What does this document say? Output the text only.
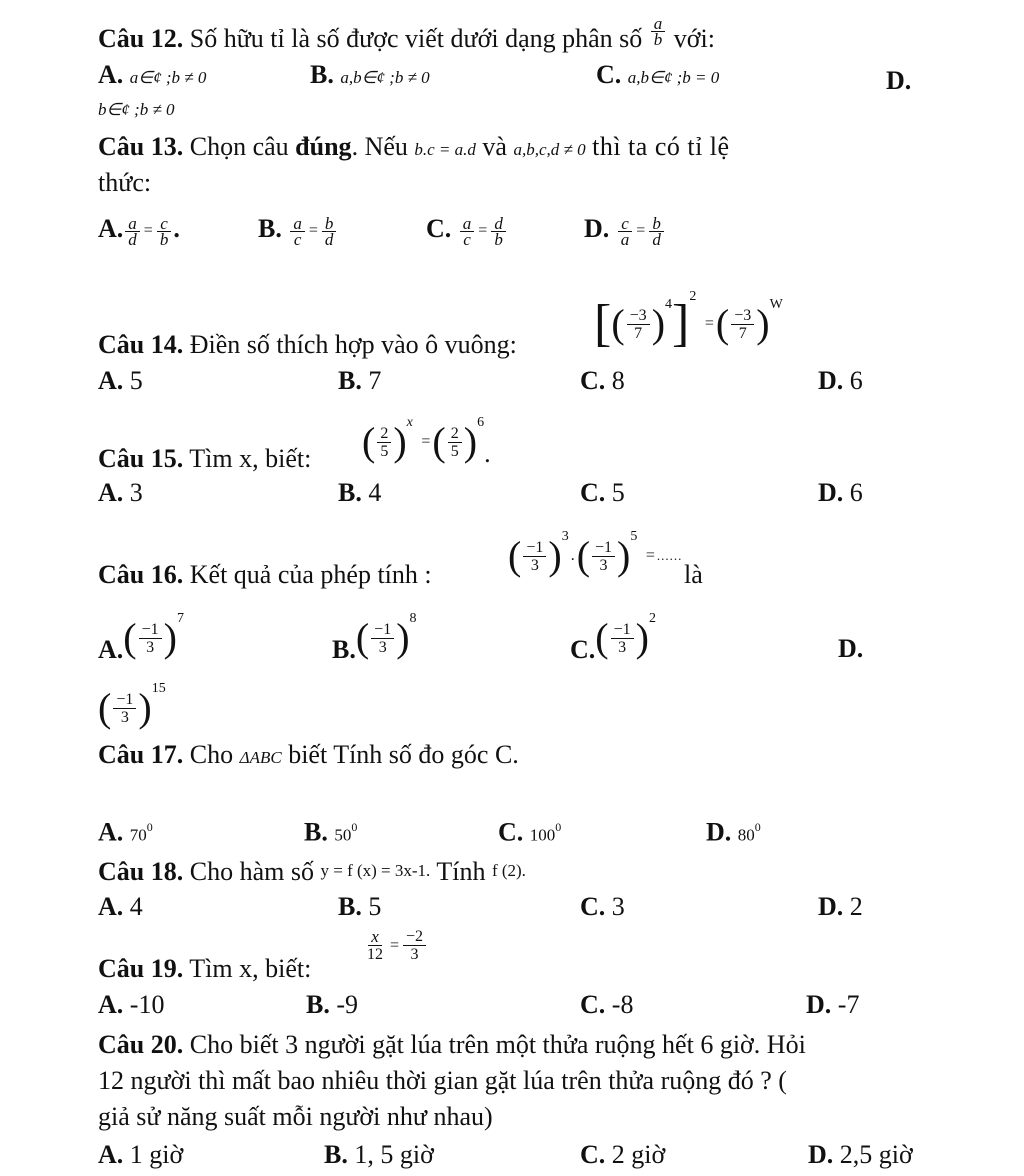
Câu 12. Số hữu tỉ là số được viết dưới dạng phân số $\frac{a}{b}$ với:
A. a∈¢ ;b ≠ 0	B. a,b∈¢ ;b ≠ 0	C. a,b∈¢ ;b = 0	D.
b∈¢ ;b ≠ 0
Câu 13. Chọn câu đúng. Nếu b.c = a.d và a,b,c,d ≠ 0 thì ta có tỉ lệ
thức:
A. $\frac{a}{d} = \frac{c}{b}$ .	B. $\frac{a}{c} = \frac{b}{d}$	C. $\frac{a}{c} = \frac{d}{b}$	D. $\frac{c}{a} = \frac{b}{d}$
Câu 14. Điền số thích hợp vào ô vuông: [( $\frac{-3}{7} )^4]^2$ =( $\frac{-3}{7} )^W$
A. 5	B. 7	C. 8	D. 6
Câu 15. Tìm x, biết: ( $\frac{2}{5} )^x$ =( $\frac{2}{5} )^6$.
A. 3	B. 4	C. 5	D. 6
Câu 16. Kết quả của phép tính : ( $\frac{-1}{3} )^3.( \frac{-1}{3} )^5$ = ......
là
$A.( \frac{-1}{3} )^7$
$B.( \frac{-1}{3} )^8$
$C.( \frac{-1}{3} )^2$
D.
( $\frac{-1}{3} )^{15}$
Câu 17. Cho ΔABC biết Tính số đo góc C.
A. $70^0$	B. $50^0$	C. $100^0$	D. $80^0$
Câu 18. Cho hàm số y = f (x) = 3x-1. Tính f (2).
A. 4	B. 5	C. 3	D. 2
Câu 19. Tìm x, biết:
$\frac{x}{12} = \frac{-2}{3}$
A. -10	B. -9	C. -8	D. -7
Câu 20. Cho biết 3 người gặt lúa trên một thửa ruộng hết 6 giờ. Hỏi
12 người thì mất bao nhiêu thời gian gặt lúa trên thửa ruộng đó ? (
giả sử năng suất mỗi người như nhau)
A. 1 giờ	B. 1, 5 giờ	C. 2 giờ	D. 2,5 giờ
